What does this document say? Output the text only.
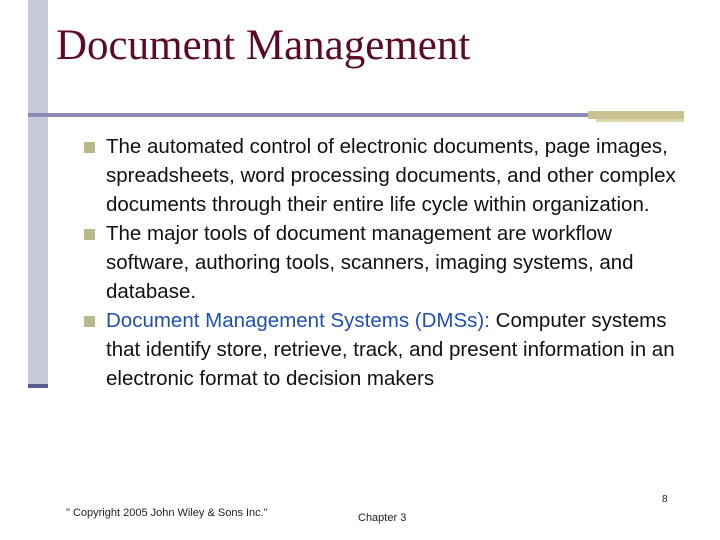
Document Management
The automated control of electronic documents, page images, spreadsheets, word processing documents, and other complex documents through their entire life cycle within organization.
The major tools of document management are workflow software, authoring tools, scanners, imaging systems, and database.
Document Management Systems (DMSs): Computer systems that identify store, retrieve, track, and present information in an electronic format to decision makers
" Copyright 2005 John Wiley & Sons Inc."	Chapter 3
8
